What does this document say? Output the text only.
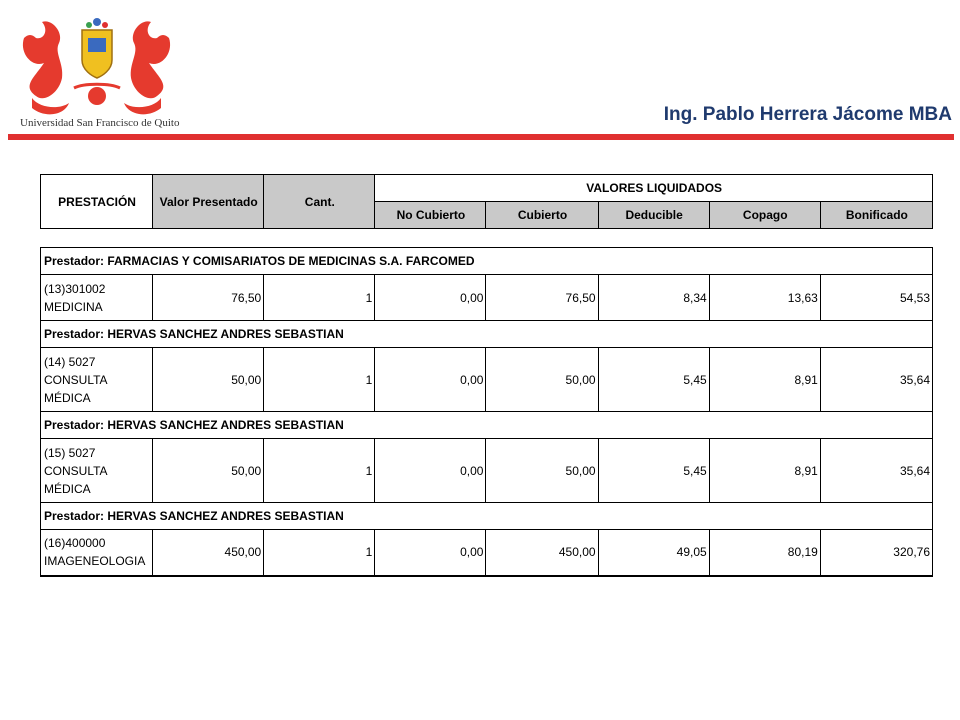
Universidad San Francisco de Quito	Ing. Pablo Herrera Jácome MBA
PRESTACIÓN	Valor Presentado	Cant.	VALORES LIQUIDADOS				
			No Cubierto	Cubierto	Deducible	Copago	Bonificado
Prestador: FARMACIAS Y COMISARIATOS DE MEDICINAS S.A. FARCOMED							
(13)301002
MEDICINA	76,50	1	0,00	76,50	8,34	13,63	54,53
Prestador: HERVAS SANCHEZ ANDRES SEBASTIAN							
(14) 5027
CONSULTA
MÉDICA	50,00	1	0,00	50,00	5,45	8,91	35,64
Prestador: HERVAS SANCHEZ ANDRES SEBASTIAN							
(15) 5027
CONSULTA
MÉDICA	50,00	1	0,00	50,00	5,45	8,91	35,64
Prestador: HERVAS SANCHEZ ANDRES SEBASTIAN							
(16)400000
IMAGENEOLOGIA	450,00	1	0,00	450,00	49,05	80,19	320,76
